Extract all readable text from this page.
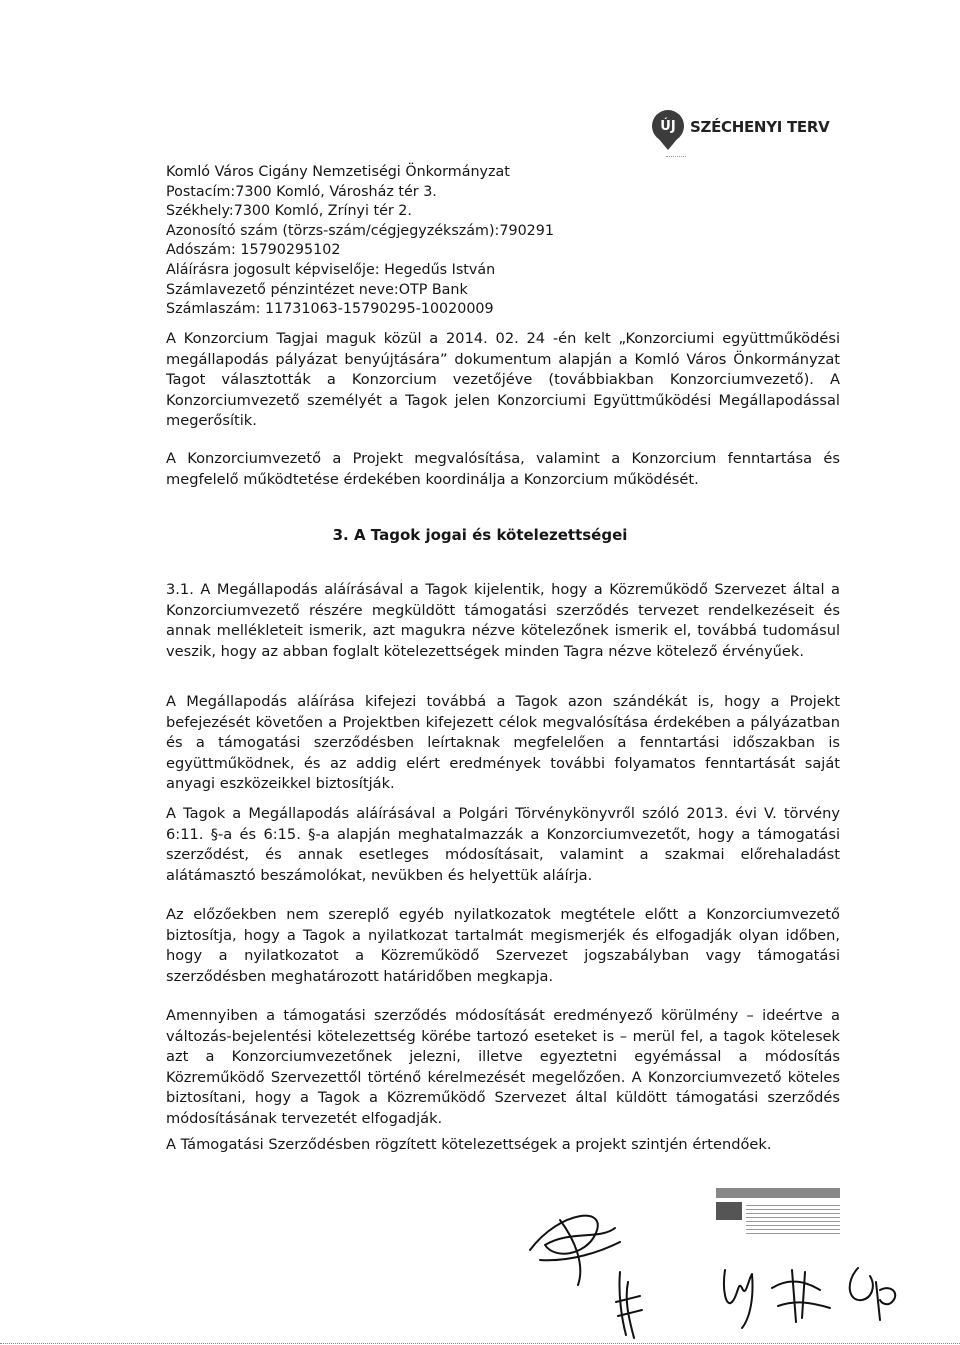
ÚJ SZÉCHENYI TERV
Komló Város Cigány Nemzetiségi Önkormányzat
Postacím:7300 Komló, Városház tér 3.
Székhely:7300 Komló, Zrínyi tér 2.
Azonosító szám (törzs-szám/cégjegyzékszám):790291
Adószám: 15790295102
Aláírásra jogosult képviselője: Hegedűs István
Számlavezető pénzintézet neve:OTP Bank
Számlaszám: 11731063-15790295-10020009

A Konzorcium Tagjai maguk közül a 2014. 02. 24 -én kelt „Konzorciumi együttműködési megállapodás pályázat benyújtására” dokumentum alapján a Komló Város Önkormányzat Tagot választották a Konzorcium vezetőjéve (továbbiakban Konzorciumvezető). A Konzorciumvezető személyét a Tagok jelen Konzorciumi Együttműködési Megállapodással megerősítik.

A Konzorciumvezető a Projekt megvalósítása, valamint a Konzorcium fenntartása és megfelelő működtetése érdekében koordinálja a Konzorcium működését.

3. A Tagok jogai és kötelezettségei

3.1. A Megállapodás aláírásával a Tagok kijelentik, hogy a Közreműködő Szervezet által a Konzorciumvezető részére megküldött támogatási szerződés tervezet rendelkezéseit és annak mellékleteit ismerik, azt magukra nézve kötelezőnek ismerik el, továbbá tudomásul veszik, hogy az abban foglalt kötelezettségek minden Tagra nézve kötelező érvényűek.

A Megállapodás aláírása kifejezi továbbá a Tagok azon szándékát is, hogy a Projekt befejezését követően a Projektben kifejezett célok megvalósítása érdekében a pályázatban és a támogatási szerződésben leírtaknak megfelelően a fenntartási időszakban is együttműködnek, és az addig elért eredmények további folyamatos fenntartását saját anyagi eszközeikkel biztosítják.

A Tagok a Megállapodás aláírásával a Polgári Törvénykönyvről szóló 2013. évi V. törvény 6:11. §-a és 6:15. §-a alapján meghatalmazzák a Konzorciumvezetőt, hogy a támogatási szerződést, és annak esetleges módosításait, valamint a szakmai előrehaladást alátámasztó beszámolókat, nevükben és helyettük aláírja.

Az előzőekben nem szereplő egyéb nyilatkozatok megtétele előtt a Konzorciumvezető biztosítja, hogy a Tagok a nyilatkozat tartalmát megismerjék és elfogadják olyan időben, hogy a nyilatkozatot a Közreműködő Szervezet jogszabályban vagy támogatási szerződésben meghatározott határidőben megkapja.

Amennyiben a támogatási szerződés módosítását eredményező körülmény – ideértve a változás-bejelentési kötelezettség körébe tartozó eseteket is – merül fel, a tagok kötelesek azt a Konzorciumvezetőnek jelezni, illetve egyeztetni egyémással a módosítás Közreműködő Szervezettől történő kérelmezését megelőzően. A Konzorciumvezető köteles biztosítani, hogy a Tagok a Közreműködő Szervezet által küldött támogatási szerződés módosításának tervezetét elfogadják.

A Támogatási Szerződésben rögzített kötelezettségek a projekt szintjén értendőek.
